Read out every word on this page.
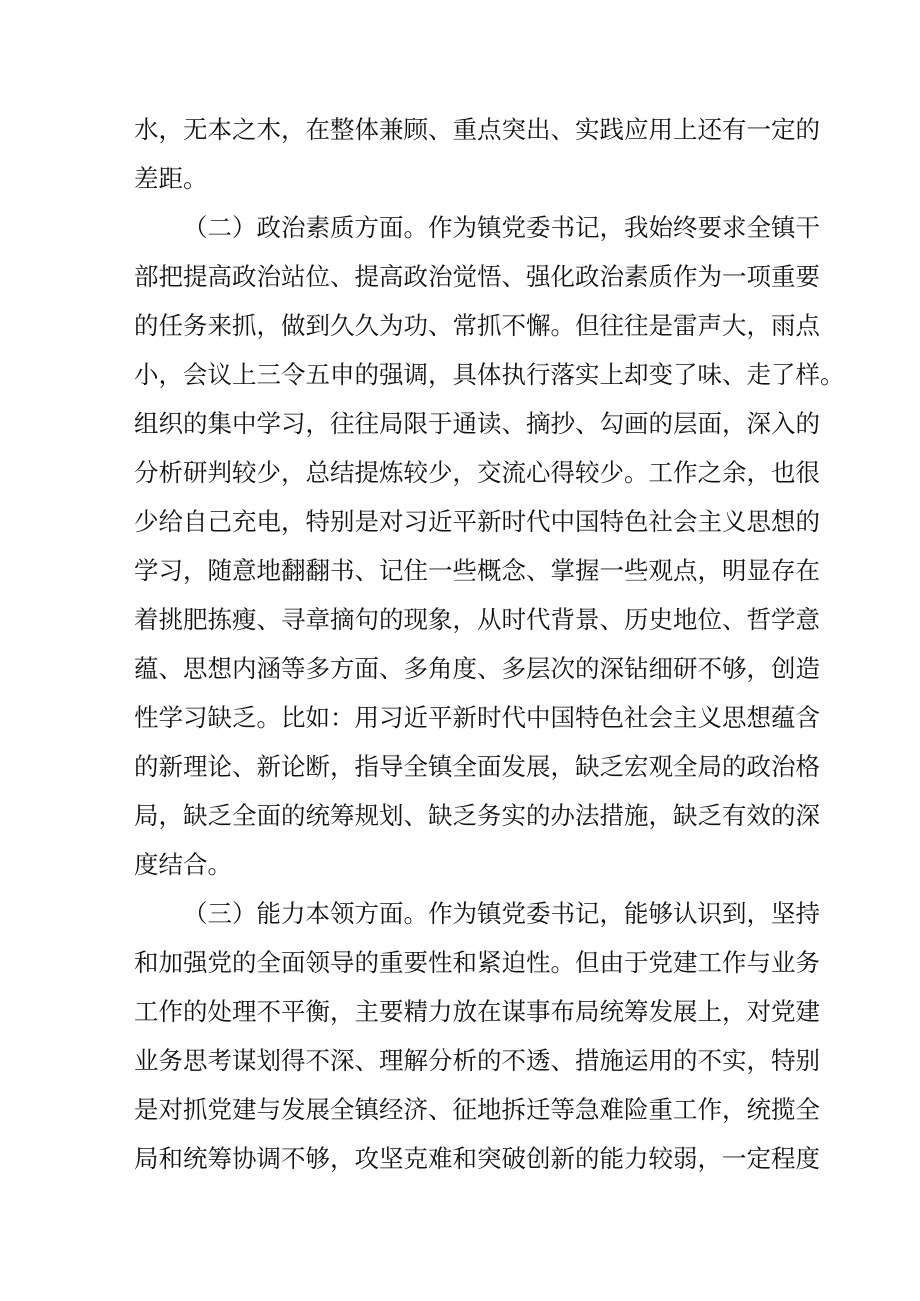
水，无本之木，在整体兼顾、重点突出、实践应用上还有一定的

差距。

（二）政治素质方面。作为镇党委书记，我始终要求全镇干

部把提高政治站位、提高政治觉悟、强化政治素质作为一项重要

的任务来抓，做到久久为功、常抓不懈。但往往是雷声大，雨点

小，会议上三令五申的强调，具体执行落实上却变了味、走了样。

组织的集中学习，往往局限于通读、摘抄、勾画的层面，深入的

分析研判较少，总结提炼较少，交流心得较少。工作之余，也很

少给自己充电，特别是对习近平新时代中国特色社会主义思想的

学习，随意地翻翻书、记住一些概念、掌握一些观点，明显存在

着挑肥拣瘦、寻章摘句的现象，从时代背景、历史地位、哲学意

蕴、思想内涵等多方面、多角度、多层次的深钻细研不够，创造

性学习缺乏。比如：用习近平新时代中国特色社会主义思想蕴含

的新理论、新论断，指导全镇全面发展，缺乏宏观全局的政治格

局，缺乏全面的统筹规划、缺乏务实的办法措施，缺乏有效的深

度结合。

（三）能力本领方面。作为镇党委书记，能够认识到，坚持

和加强党的全面领导的重要性和紧迫性。但由于党建工作与业务

工作的处理不平衡，主要精力放在谋事布局统筹发展上，对党建

业务思考谋划得不深、理解分析的不透、措施运用的不实，特别

是对抓党建与发展全镇经济、征地拆迁等急难险重工作，统揽全

局和统筹协调不够，攻坚克难和突破创新的能力较弱，一定程度
